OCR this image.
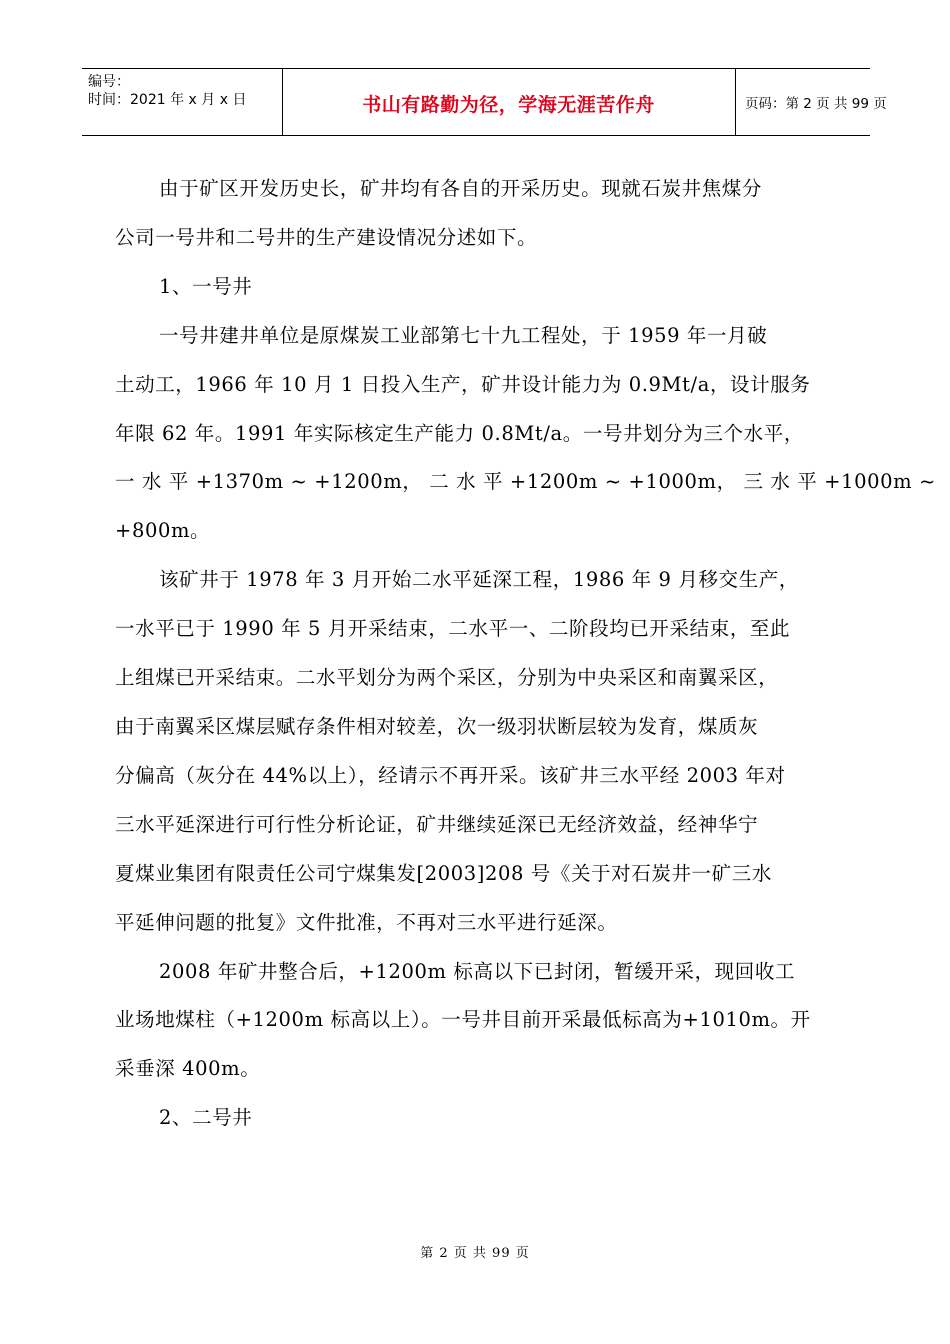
编号：
时间：2021 年 x 月 x 日	书山有路勤为径，学海无涯苦作舟	页码：第 2 页 共 99 页
由于矿区开发历史长，矿井均有各自的开采历史。现就石炭井焦煤分
公司一号井和二号井的生产建设情况分述如下。
1、一号井
一号井建井单位是原煤炭工业部第七十九工程处，于 1959 年一月破
土动工，1966 年 10 月 1 日投入生产，矿井设计能力为 0.9Mt/a，设计服务
年限 62 年。1991 年实际核定生产能力 0.8Mt/a。一号井划分为三个水平，
一 水 平 +1370m ~ +1200m， 二 水 平 +1200m ~ +1000m， 三 水 平 +1000m ~
+800m。
该矿井于 1978 年 3 月开始二水平延深工程，1986 年 9 月移交生产，
一水平已于 1990 年 5 月开采结束，二水平一、二阶段均已开采结束，至此
上组煤已开采结束。二水平划分为两个采区，分别为中央采区和南翼采区，
由于南翼采区煤层赋存条件相对较差，次一级羽状断层较为发育，煤质灰
分偏高（灰分在 44%以上），经请示不再开采。该矿井三水平经 2003 年对
三水平延深进行可行性分析论证，矿井继续延深已无经济效益，经神华宁
夏煤业集团有限责任公司宁煤集发[2003]208 号《关于对石炭井一矿三水
平延伸问题的批复》文件批准，不再对三水平进行延深。
2008 年矿井整合后，+1200m 标高以下已封闭，暂缓开采，现回收工
业场地煤柱（+1200m 标高以上）。一号井目前开采最低标高为+1010m。开
采垂深 400m。
2、二号井
第 2 页 共 99 页
